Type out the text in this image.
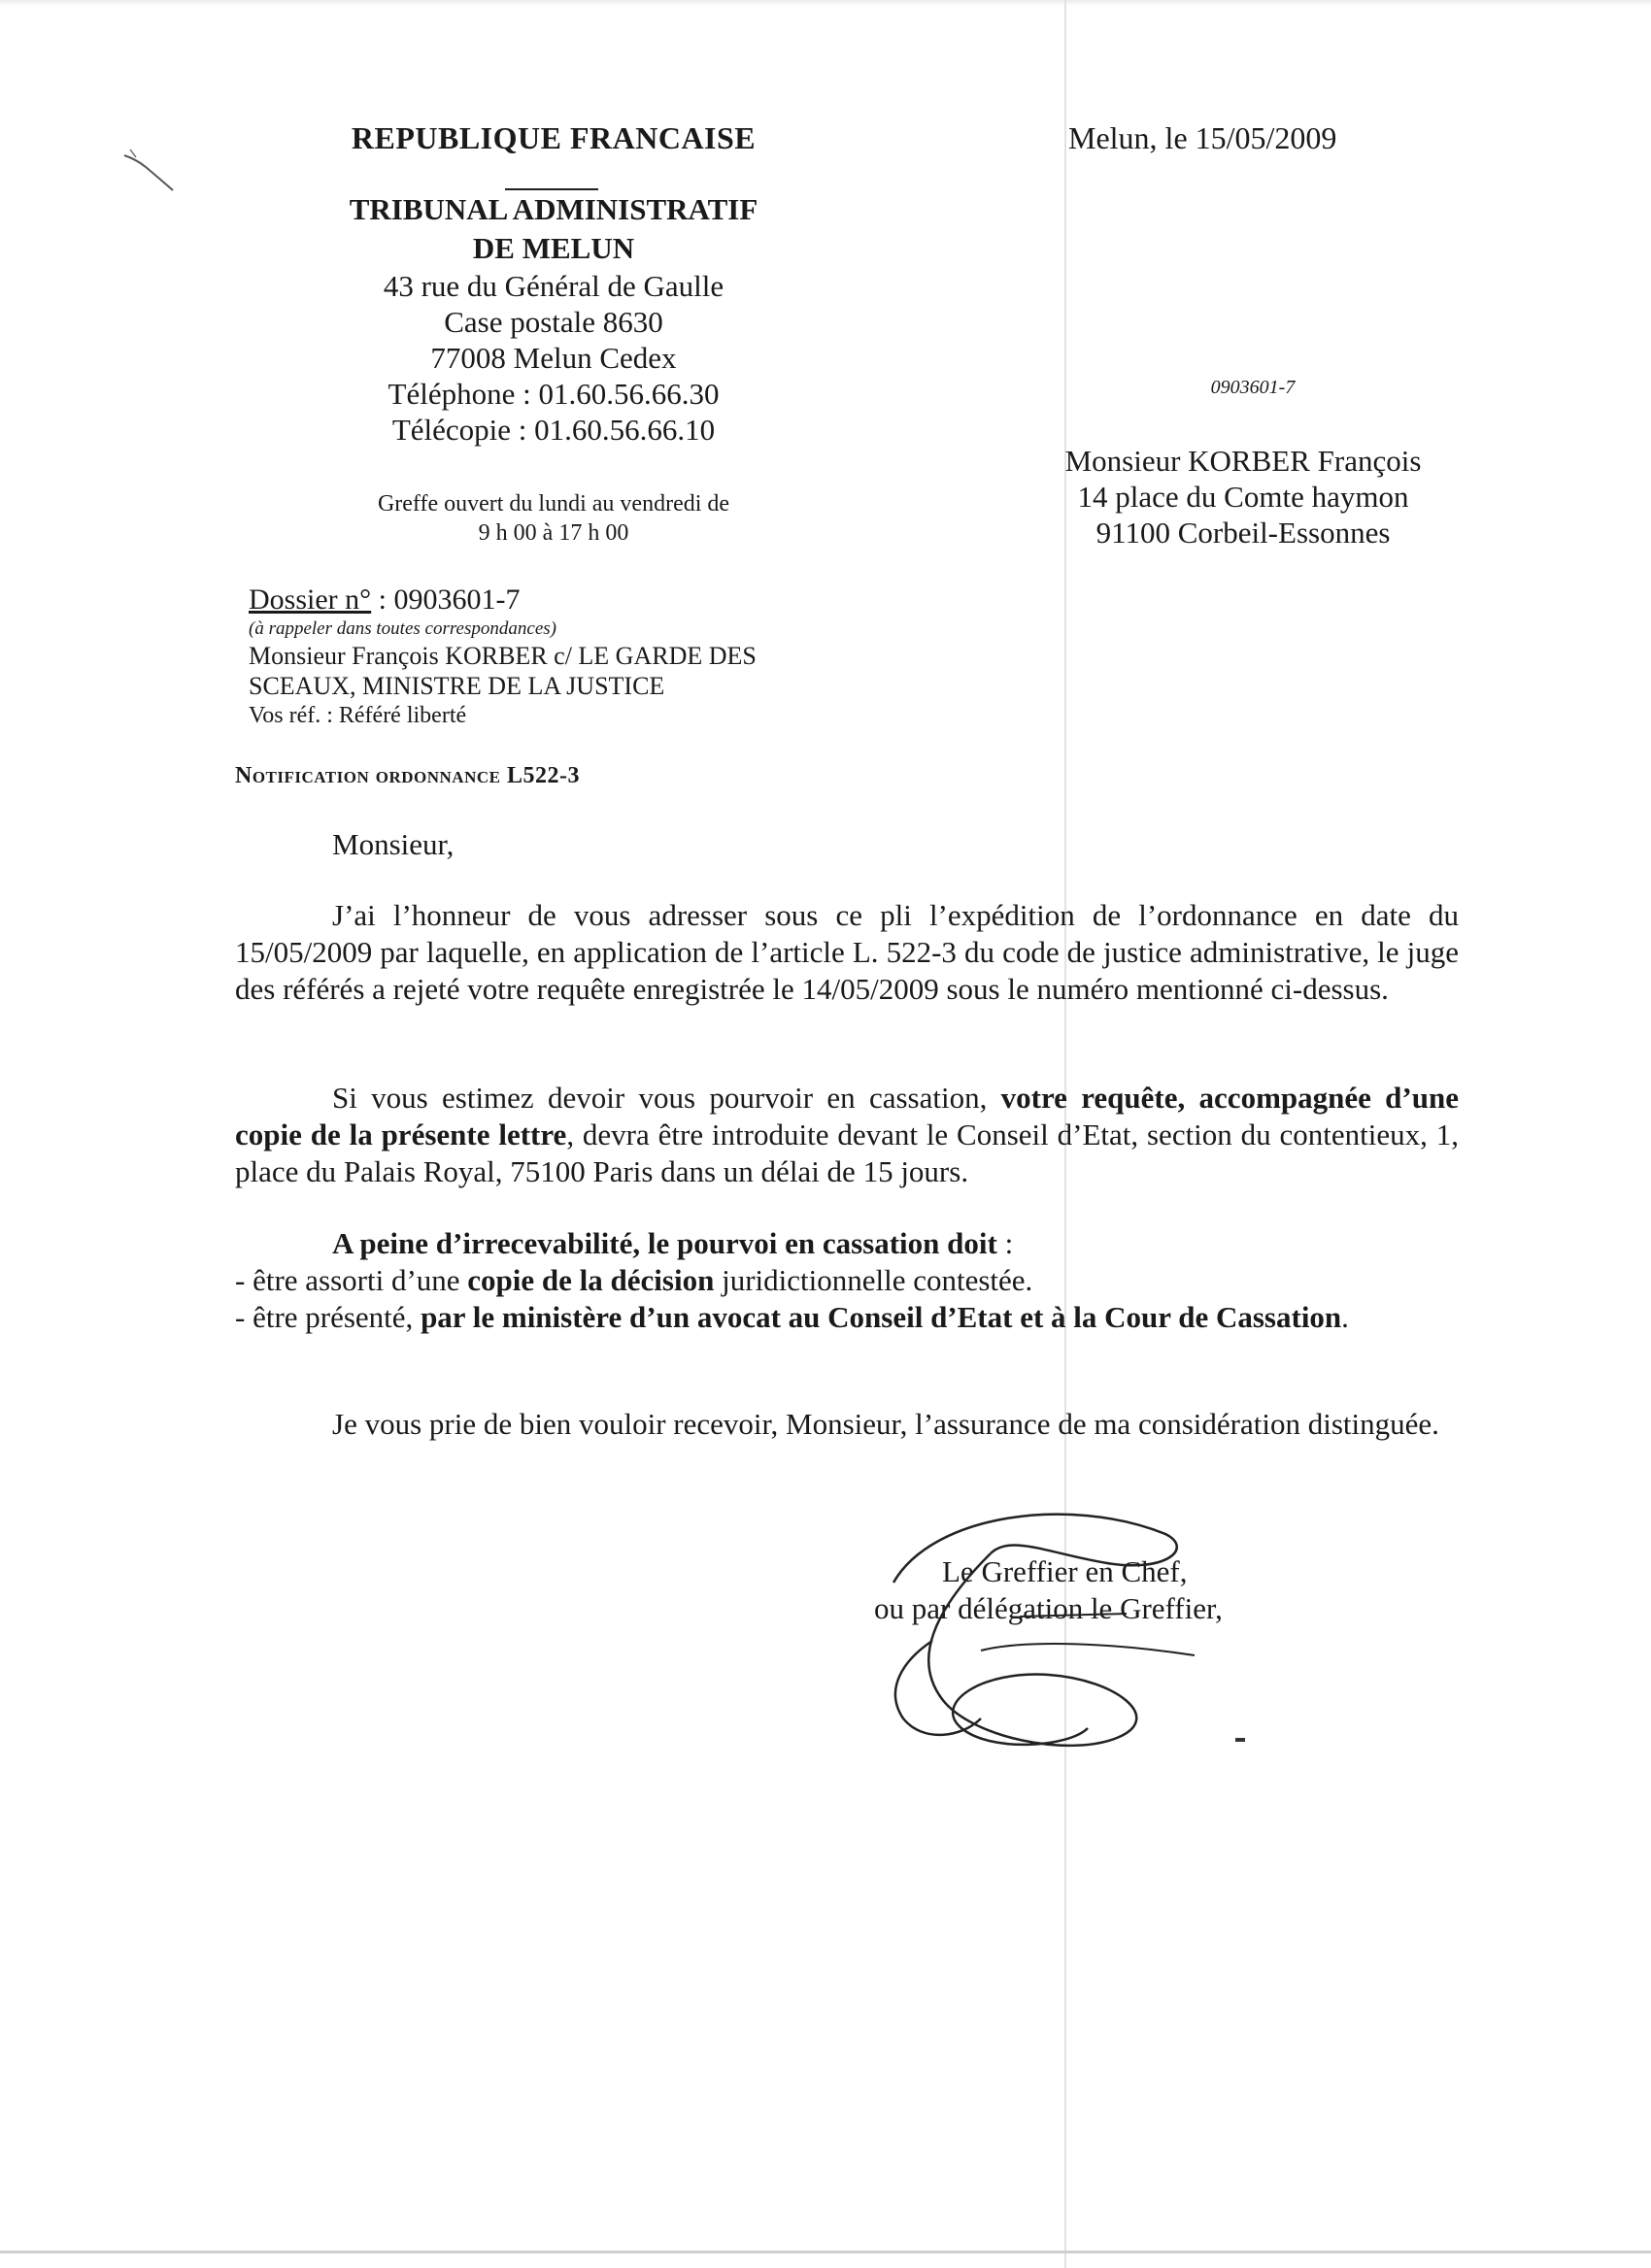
REPUBLIQUE FRANCAISE
TRIBUNAL ADMINISTRATIF
DE MELUN
43 rue du Général de Gaulle
Case postale 8630
77008 Melun Cedex
Téléphone : 01.60.56.66.30
Télécopie : 01.60.56.66.10
Greffe ouvert du lundi au vendredi de
9 h 00 à 17 h 00
Melun, le 15/05/2009
0903601-7
Monsieur KORBER François
14 place du Comte haymon
91100 Corbeil-Essonnes
Dossier n° : 0903601-7
(à rappeler dans toutes correspondances)
Monsieur François KORBER c/ LE GARDE DES
SCEAUX, MINISTRE DE LA JUSTICE
Vos réf. : Référé liberté
Notification ordonnance L522-3
Monsieur,
J’ai l’honneur de vous adresser sous ce pli l’expédition de l’ordonnance en date du 15/05/2009 par laquelle, en application de l’article L. 522-3 du code de justice administrative, le juge des référés a rejeté votre requête enregistrée le 14/05/2009 sous le numéro mentionné ci-dessus.
Si vous estimez devoir vous pourvoir en cassation, votre requête, accompagnée d’une copie de la présente lettre, devra être introduite devant le Conseil d’Etat, section du contentieux, 1, place du Palais Royal, 75100 Paris dans un délai de 15 jours.
A peine d’irrecevabilité, le pourvoi en cassation doit :
- être assorti d’une copie de la décision juridictionnelle contestée.
- être présenté, par le ministère d’un avocat au Conseil d’Etat et à la Cour de Cassation.
Je vous prie de bien vouloir recevoir, Monsieur, l’assurance de ma considération distinguée.
Le Greffier en Chef,
ou par délégation le Greffier,
